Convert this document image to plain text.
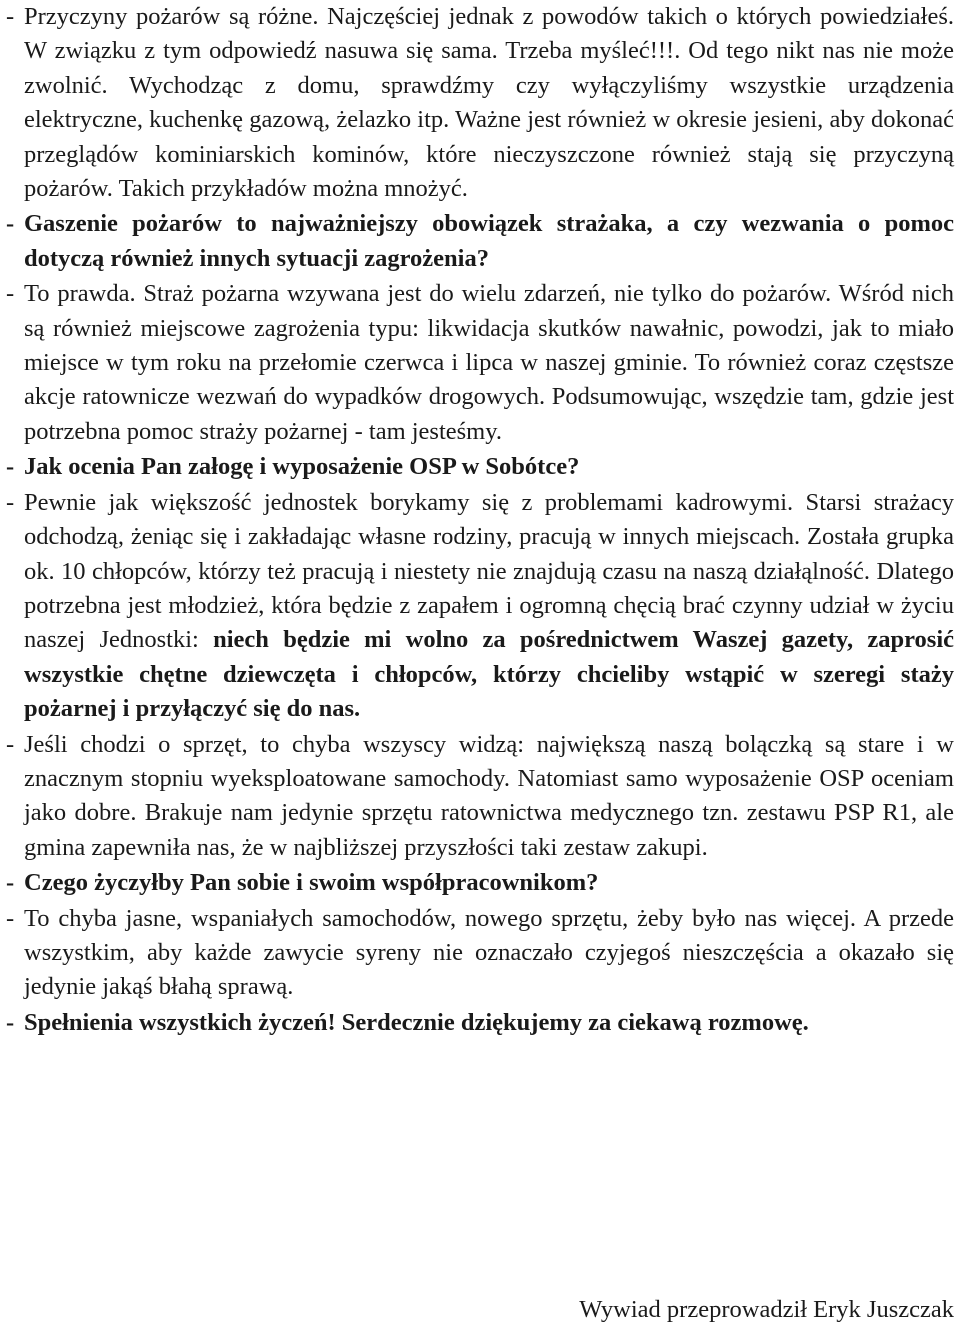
- Przyczyny pożarów są różne. Najczęściej jednak z powodów takich o których powiedziałeś. W związku z tym odpowiedź nasuwa się sama. Trzeba myśleć!!!. Od tego nikt nas nie może zwolnić. Wychodząc z domu, sprawdźmy czy wyłączyliśmy wszystkie urządzenia elektryczne, kuchenkę gazową, żelazko itp. Ważne jest również w okresie jesieni, aby dokonać przeglądów kominiarskich kominów, które nieczyszczone również stają się przyczyną pożarów. Takich przykładów można mnożyć.

- Gaszenie pożarów to najważniejszy obowiązek strażaka, a czy wezwania o pomoc dotyczą również innych sytuacji zagrożenia?

- To prawda. Straż pożarna wzywana jest do wielu zdarzeń, nie tylko do pożarów. Wśród nich są również miejscowe zagrożenia typu: likwidacja skutków nawałnic, powodzi, jak to miało miejsce w tym roku na przełomie czerwca i lipca w naszej gminie. To również coraz częstsze akcje ratownicze wezwań do wypadków drogowych. Podsumowując, wszędzie tam, gdzie jest potrzebna pomoc straży pożarnej - tam jesteśmy.

- Jak ocenia Pan załogę i wyposażenie OSP w Sobótce?

- Pewnie jak większość jednostek borykamy się z problemami kadrowymi. Starsi strażacy odchodzą, żeniąc się i zakładając własne rodziny, pracują w innych miejscach. Została grupka ok. 10 chłopców, którzy też pracują i niestety nie znajdują czasu na naszą działąlność. Dlatego potrzebna jest młodzież, która będzie z zapałem i ogromną chęcią brać czynny udział w życiu naszej Jednostki: niech będzie mi wolno za pośrednictwem Waszej gazety, zaprosić wszystkie chętne dziewczęta i chłopców, którzy chcieliby wstąpić w szeregi staży pożarnej i przyłączyć się do nas.

- Jeśli chodzi o sprzęt, to chyba wszyscy widzą: największą naszą bolączką są stare i w znacznym stopniu wyeksploatowane samochody. Natomiast samo wyposażenie OSP oceniam jako dobre. Brakuje nam jedynie sprzętu ratownictwa medycznego tzn. zestawu PSP R1, ale gmina zapewniła nas, że w najbliższej przyszłości taki zestaw zakupi.

- Czego życzyłby Pan sobie i swoim współpracownikom?

- To chyba jasne, wspaniałych samochodów, nowego sprzętu, żeby było nas więcej. A przede wszystkim, aby każde zawycie syreny nie oznaczało czyjegoś nieszczęścia a okazało się jedynie jakąś błahą sprawą.

- Spełnienia wszystkich życzeń! Serdecznie dziękujemy za ciekawą rozmowę.

Wywiad przeprowadził Eryk Juszczak
